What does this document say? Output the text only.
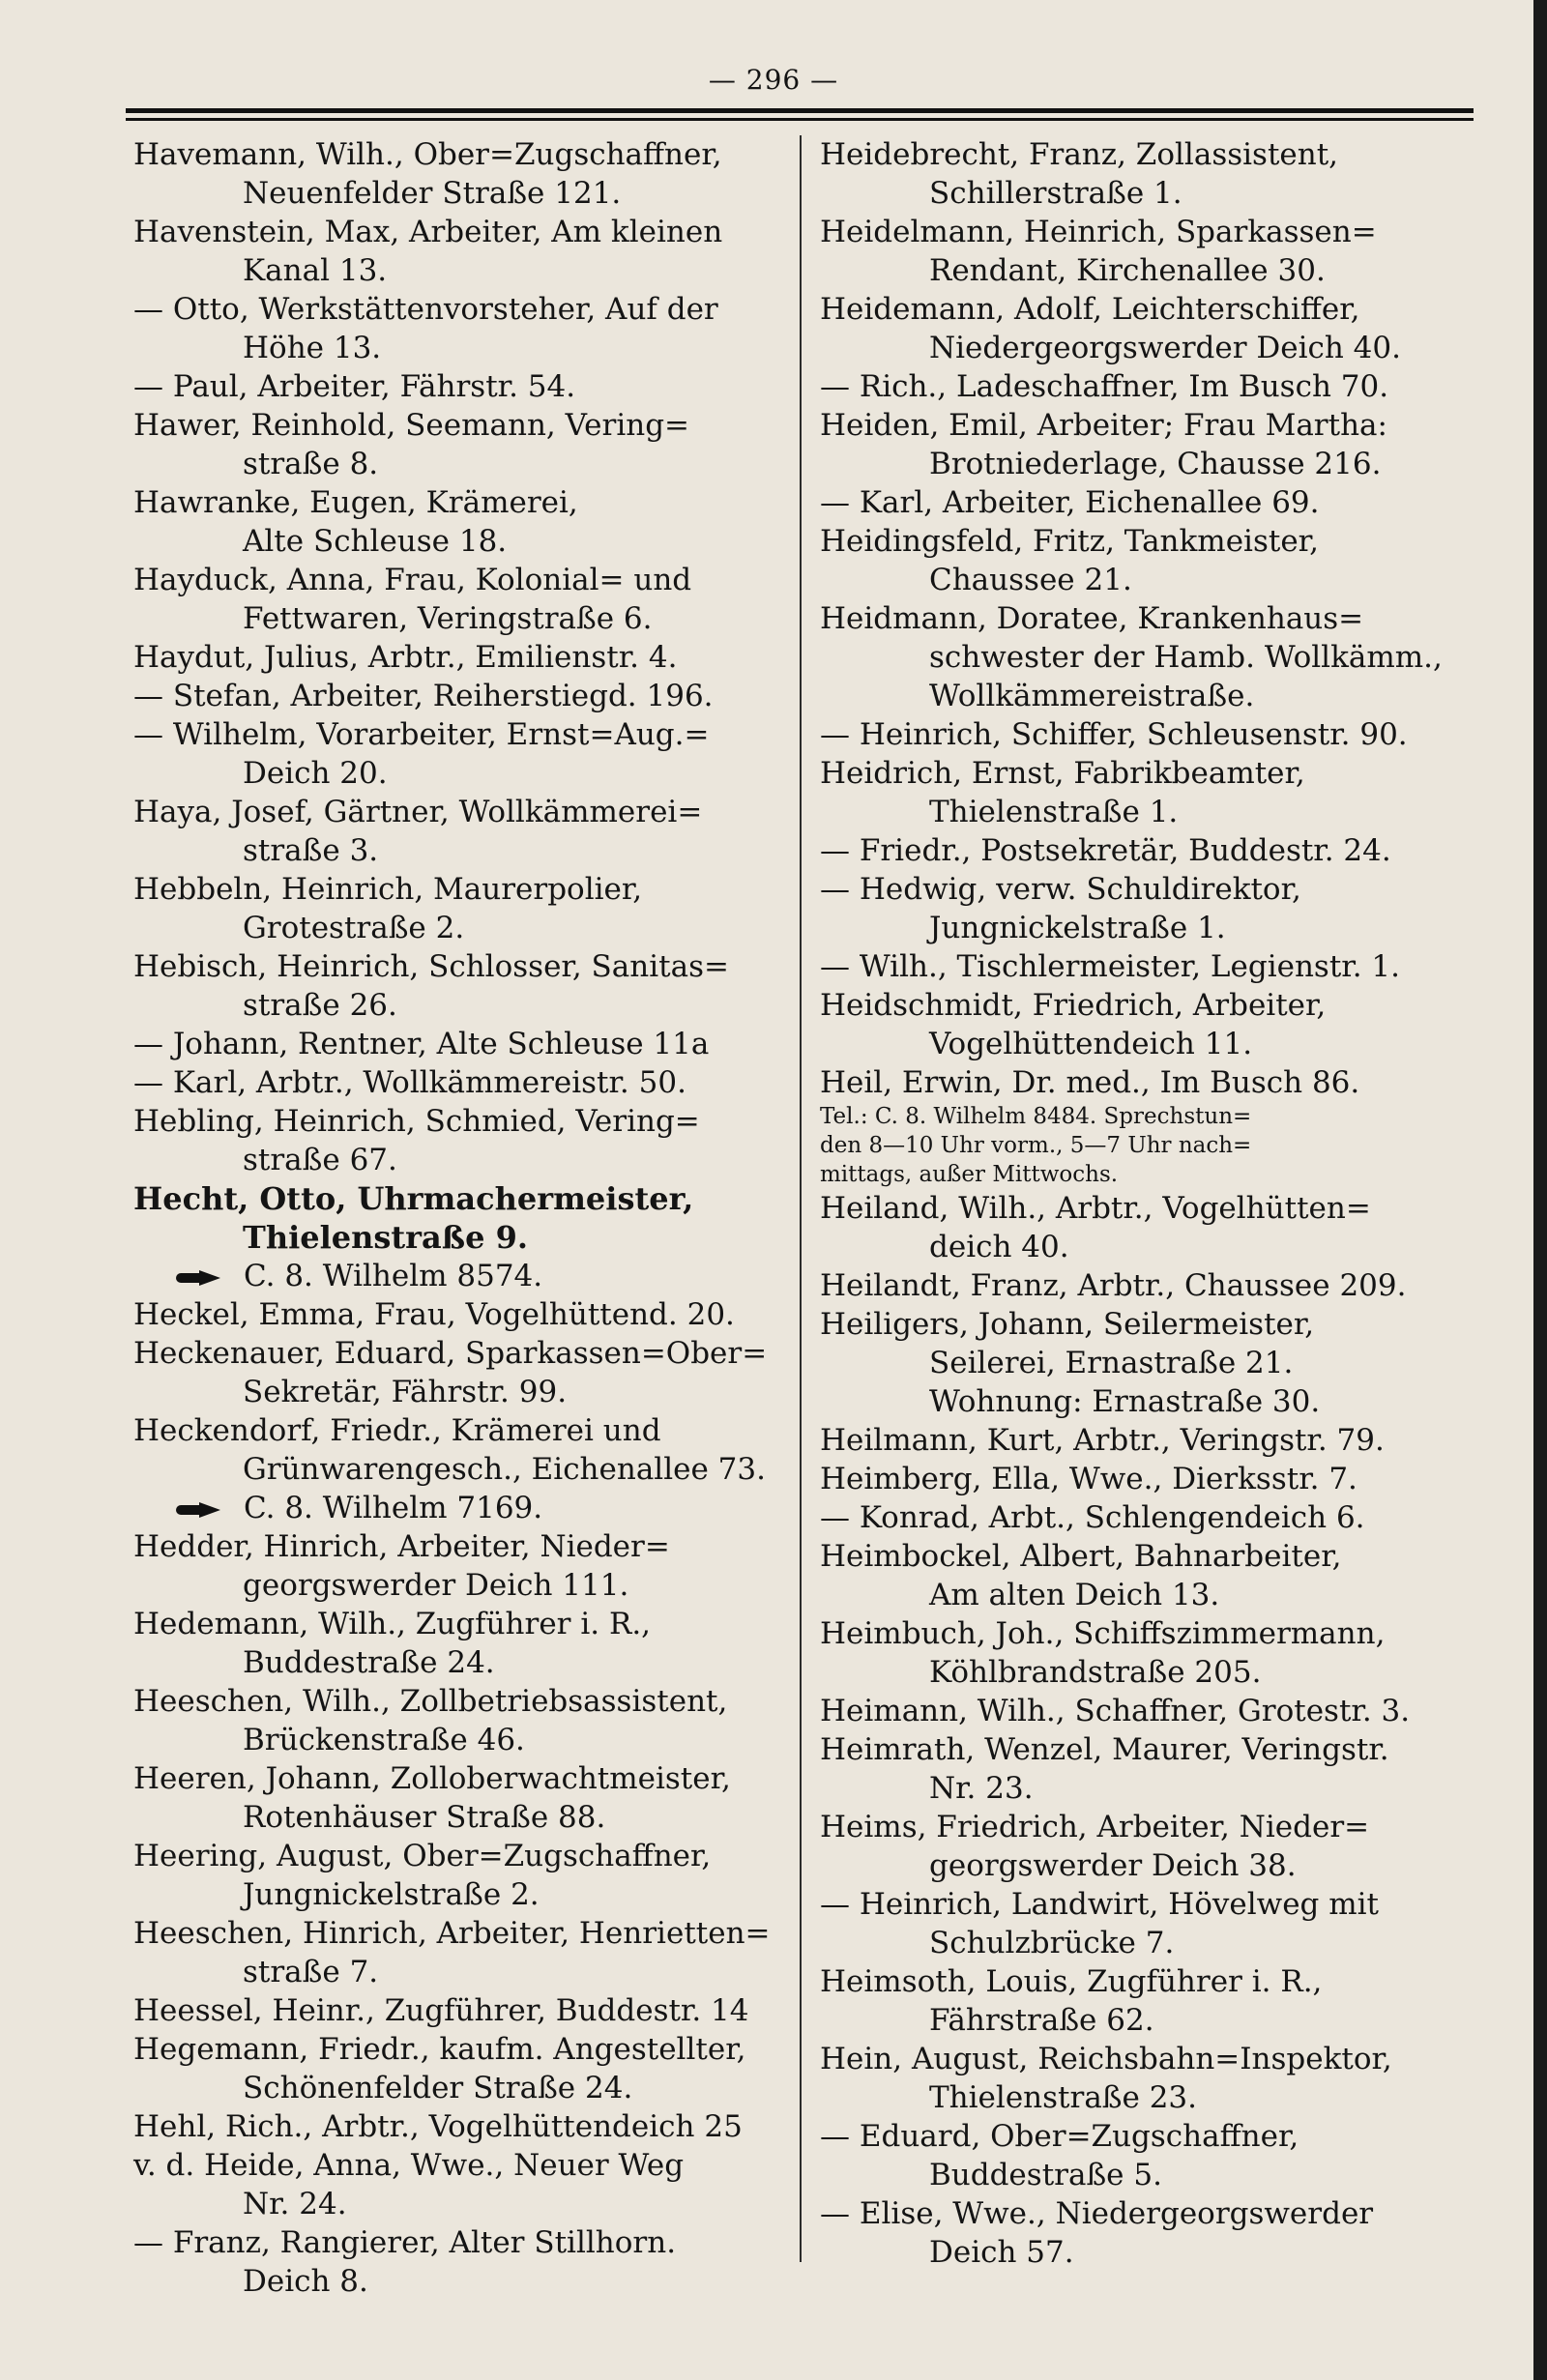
— 296 —
Havemann, Wilh., Ober=Zugschaffner,
Neuenfelder Straße 121.
Havenstein, Max, Arbeiter, Am kleinen
Kanal 13.
— Otto, Werkstättenvorsteher, Auf der
Höhe 13.
— Paul, Arbeiter, Fährstr. 54.
Hawer, Reinhold, Seemann, Vering=
straße 8.
Hawranke, Eugen, Krämerei,
Alte Schleuse 18.
Hayduck, Anna, Frau, Kolonial= und
Fettwaren, Veringstraße 6.
Haydut, Julius, Arbtr., Emilienstr. 4.
— Stefan, Arbeiter, Reiherstiegd. 196.
— Wilhelm, Vorarbeiter, Ernst=Aug.=
Deich 20.
Haya, Josef, Gärtner, Wollkämmerei=
straße 3.
Hebbeln, Heinrich, Maurerpolier,
Grotestraße 2.
Hebisch, Heinrich, Schlosser, Sanitas=
straße 26.
— Johann, Rentner, Alte Schleuse 11a
— Karl, Arbtr., Wollkämmereistr. 50.
Hebling, Heinrich, Schmied, Vering=
straße 67.
Hecht, Otto, Uhrmachermeister,
Thielenstraße 9.
C. 8. Wilhelm 8574.
Heckel, Emma, Frau, Vogelhüttend. 20.
Heckenauer, Eduard, Sparkassen=Ober=
Sekretär, Fährstr. 99.
Heckendorf, Friedr., Krämerei und
Grünwarengesch., Eichenallee 73.
C. 8. Wilhelm 7169.
Hedder, Hinrich, Arbeiter, Nieder=
georgswerder Deich 111.
Hedemann, Wilh., Zugführer i. R.,
Buddestraße 24.
Heeschen, Wilh., Zollbetriebsassistent,
Brückenstraße 46.
Heeren, Johann, Zolloberwachtmeister,
Rotenhäuser Straße 88.
Heering, August, Ober=Zugschaffner,
Jungnickelstraße 2.
Heeschen, Hinrich, Arbeiter, Henrietten=
straße 7.
Heessel, Heinr., Zugführer, Buddestr. 14
Hegemann, Friedr., kaufm. Angestellter,
Schönenfelder Straße 24.
Hehl, Rich., Arbtr., Vogelhüttendeich 25
v. d. Heide, Anna, Wwe., Neuer Weg
Nr. 24.
— Franz, Rangierer, Alter Stillhorn.
Deich 8.
Heidebrecht, Franz, Zollassistent,
Schillerstraße 1.
Heidelmann, Heinrich, Sparkassen=
Rendant, Kirchenallee 30.
Heidemann, Adolf, Leichterschiffer,
Niedergeorgswerder Deich 40.
— Rich., Ladeschaffner, Im Busch 70.
Heiden, Emil, Arbeiter; Frau Martha:
Brotniederlage, Chausse 216.
— Karl, Arbeiter, Eichenallee 69.
Heidingsfeld, Fritz, Tankmeister,
Chaussee 21.
Heidmann, Doratee, Krankenhaus=
schwester der Hamb. Wollkämm.,
Wollkämmereistraße.
— Heinrich, Schiffer, Schleusenstr. 90.
Heidrich, Ernst, Fabrikbeamter,
Thielenstraße 1.
— Friedr., Postsekretär, Buddestr. 24.
— Hedwig, verw. Schuldirektor,
Jungnickelstraße 1.
— Wilh., Tischlermeister, Legienstr. 1.
Heidschmidt, Friedrich, Arbeiter,
Vogelhüttendeich 11.
Heil, Erwin, Dr. med., Im Busch 86.
Tel.: C. 8. Wilhelm 8484. Sprechstun=
den 8—10 Uhr vorm., 5—7 Uhr nach=
mittags, außer Mittwochs.
Heiland, Wilh., Arbtr., Vogelhütten=
deich 40.
Heilandt, Franz, Arbtr., Chaussee 209.
Heiligers, Johann, Seilermeister,
Seilerei, Ernastraße 21.
Wohnung: Ernastraße 30.
Heilmann, Kurt, Arbtr., Veringstr. 79.
Heimberg, Ella, Wwe., Dierksstr. 7.
— Konrad, Arbt., Schlengendeich 6.
Heimbockel, Albert, Bahnarbeiter,
Am alten Deich 13.
Heimbuch, Joh., Schiffszimmermann,
Köhlbrandstraße 205.
Heimann, Wilh., Schaffner, Grotestr. 3.
Heimrath, Wenzel, Maurer, Veringstr.
Nr. 23.
Heims, Friedrich, Arbeiter, Nieder=
georgswerder Deich 38.
— Heinrich, Landwirt, Hövelweg mit
Schulzbrücke 7.
Heimsoth, Louis, Zugführer i. R.,
Fährstraße 62.
Hein, August, Reichsbahn=Inspektor,
Thielenstraße 23.
— Eduard, Ober=Zugschaffner,
Buddestraße 5.
— Elise, Wwe., Niedergeorgswerder
Deich 57.
